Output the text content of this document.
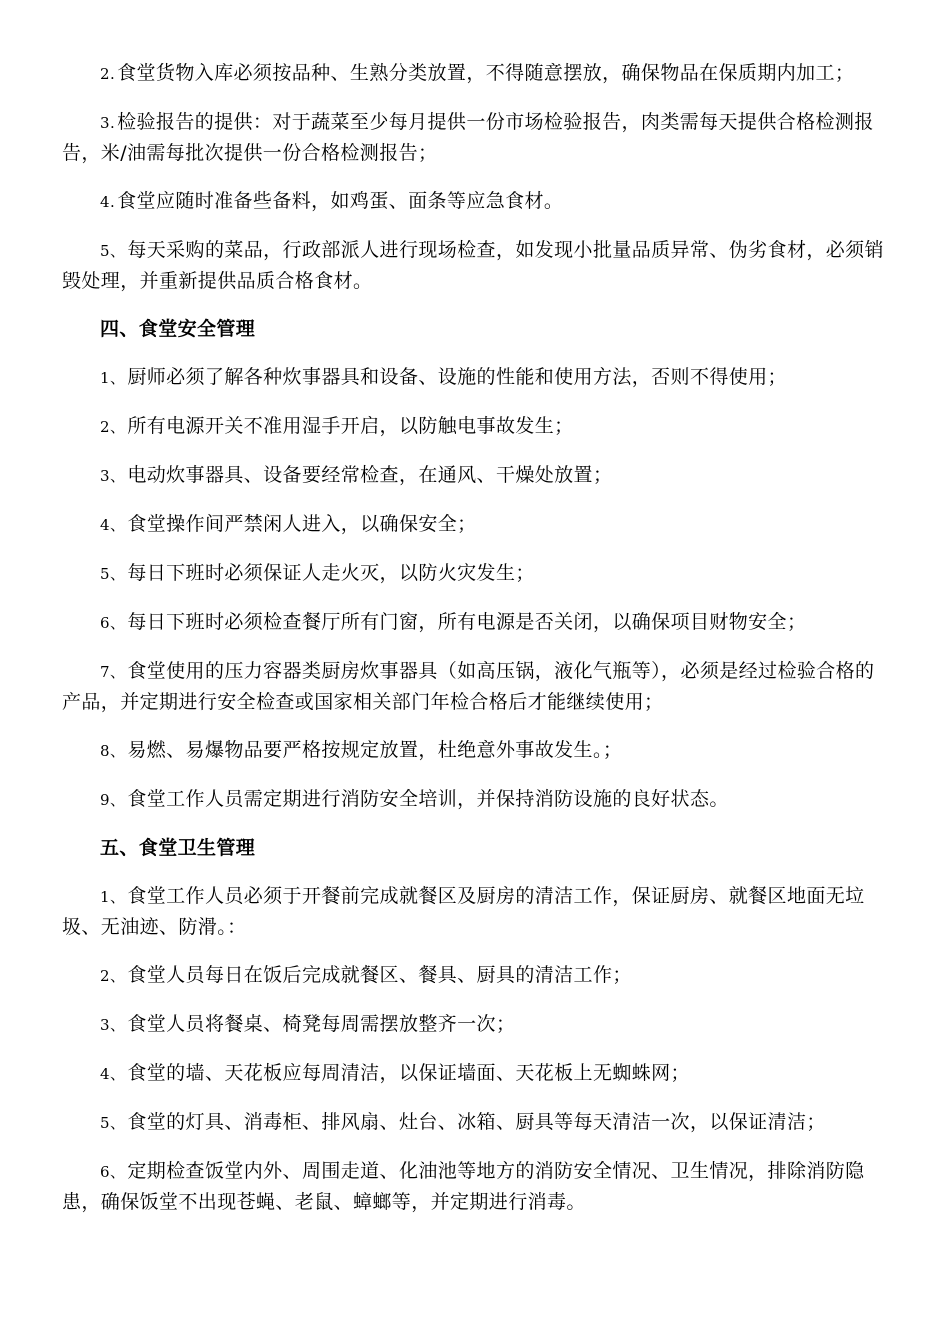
2. 食堂货物入库必须按品种、生熟分类放置，不得随意摆放，确保物品在保质期内加工；

3. 检验报告的提供：对于蔬菜至少每月提供一份市场检验报告，肉类需每天提供合格检测报告，米/油需每批次提供一份合格检测报告；

4. 食堂应随时准备些备料，如鸡蛋、面条等应急食材。

5、 每天采购的菜品，行政部派人进行现场检查，如发现小批量品质异常、伪劣食材，必须销毁处理，并重新提供品质合格食材。

四、食堂安全管理

1、 厨师必须了解各种炊事器具和设备、设施的性能和使用方法，否则不得使用；

2、 所有电源开关不准用湿手开启，以防触电事故发生；

3、 电动炊事器具、设备要经常检查，在通风、干燥处放置；

4、 食堂操作间严禁闲人进入，以确保安全；

5、 每日下班时必须保证人走火灭，以防火灾发生；

6、 每日下班时必须检查餐厅所有门窗，所有电源是否关闭，以确保项目财物安全；

7、 食堂使用的压力容器类厨房炊事器具（如高压锅，液化气瓶等），必须是经过检验合格的产品，并定期进行安全检查或国家相关部门年检合格后才能继续使用；

8、 易燃、易爆物品要严格按规定放置，杜绝意外事故发生。；

9、 食堂工作人员需定期进行消防安全培训，并保持消防设施的良好状态。

五、食堂卫生管理

1、 食堂工作人员必须于开餐前完成就餐区及厨房的清洁工作，保证厨房、就餐区地面无垃圾、无油迹、防滑。：

2、 食堂人员每日在饭后完成就餐区、餐具、厨具的清洁工作；

3、 食堂人员将餐桌、椅凳每周需摆放整齐一次；

4、 食堂的墙、天花板应每周清洁，以保证墙面、天花板上无蜘蛛网；

5、 食堂的灯具、消毒柜、排风扇、灶台、冰箱、厨具等每天清洁一次，以保证清洁；

6、 定期检查饭堂内外、周围走道、化油池等地方的消防安全情况、卫生情况，排除消防隐患，确保饭堂不出现苍蝇、老鼠、蟑螂等，并定期进行消毒。
